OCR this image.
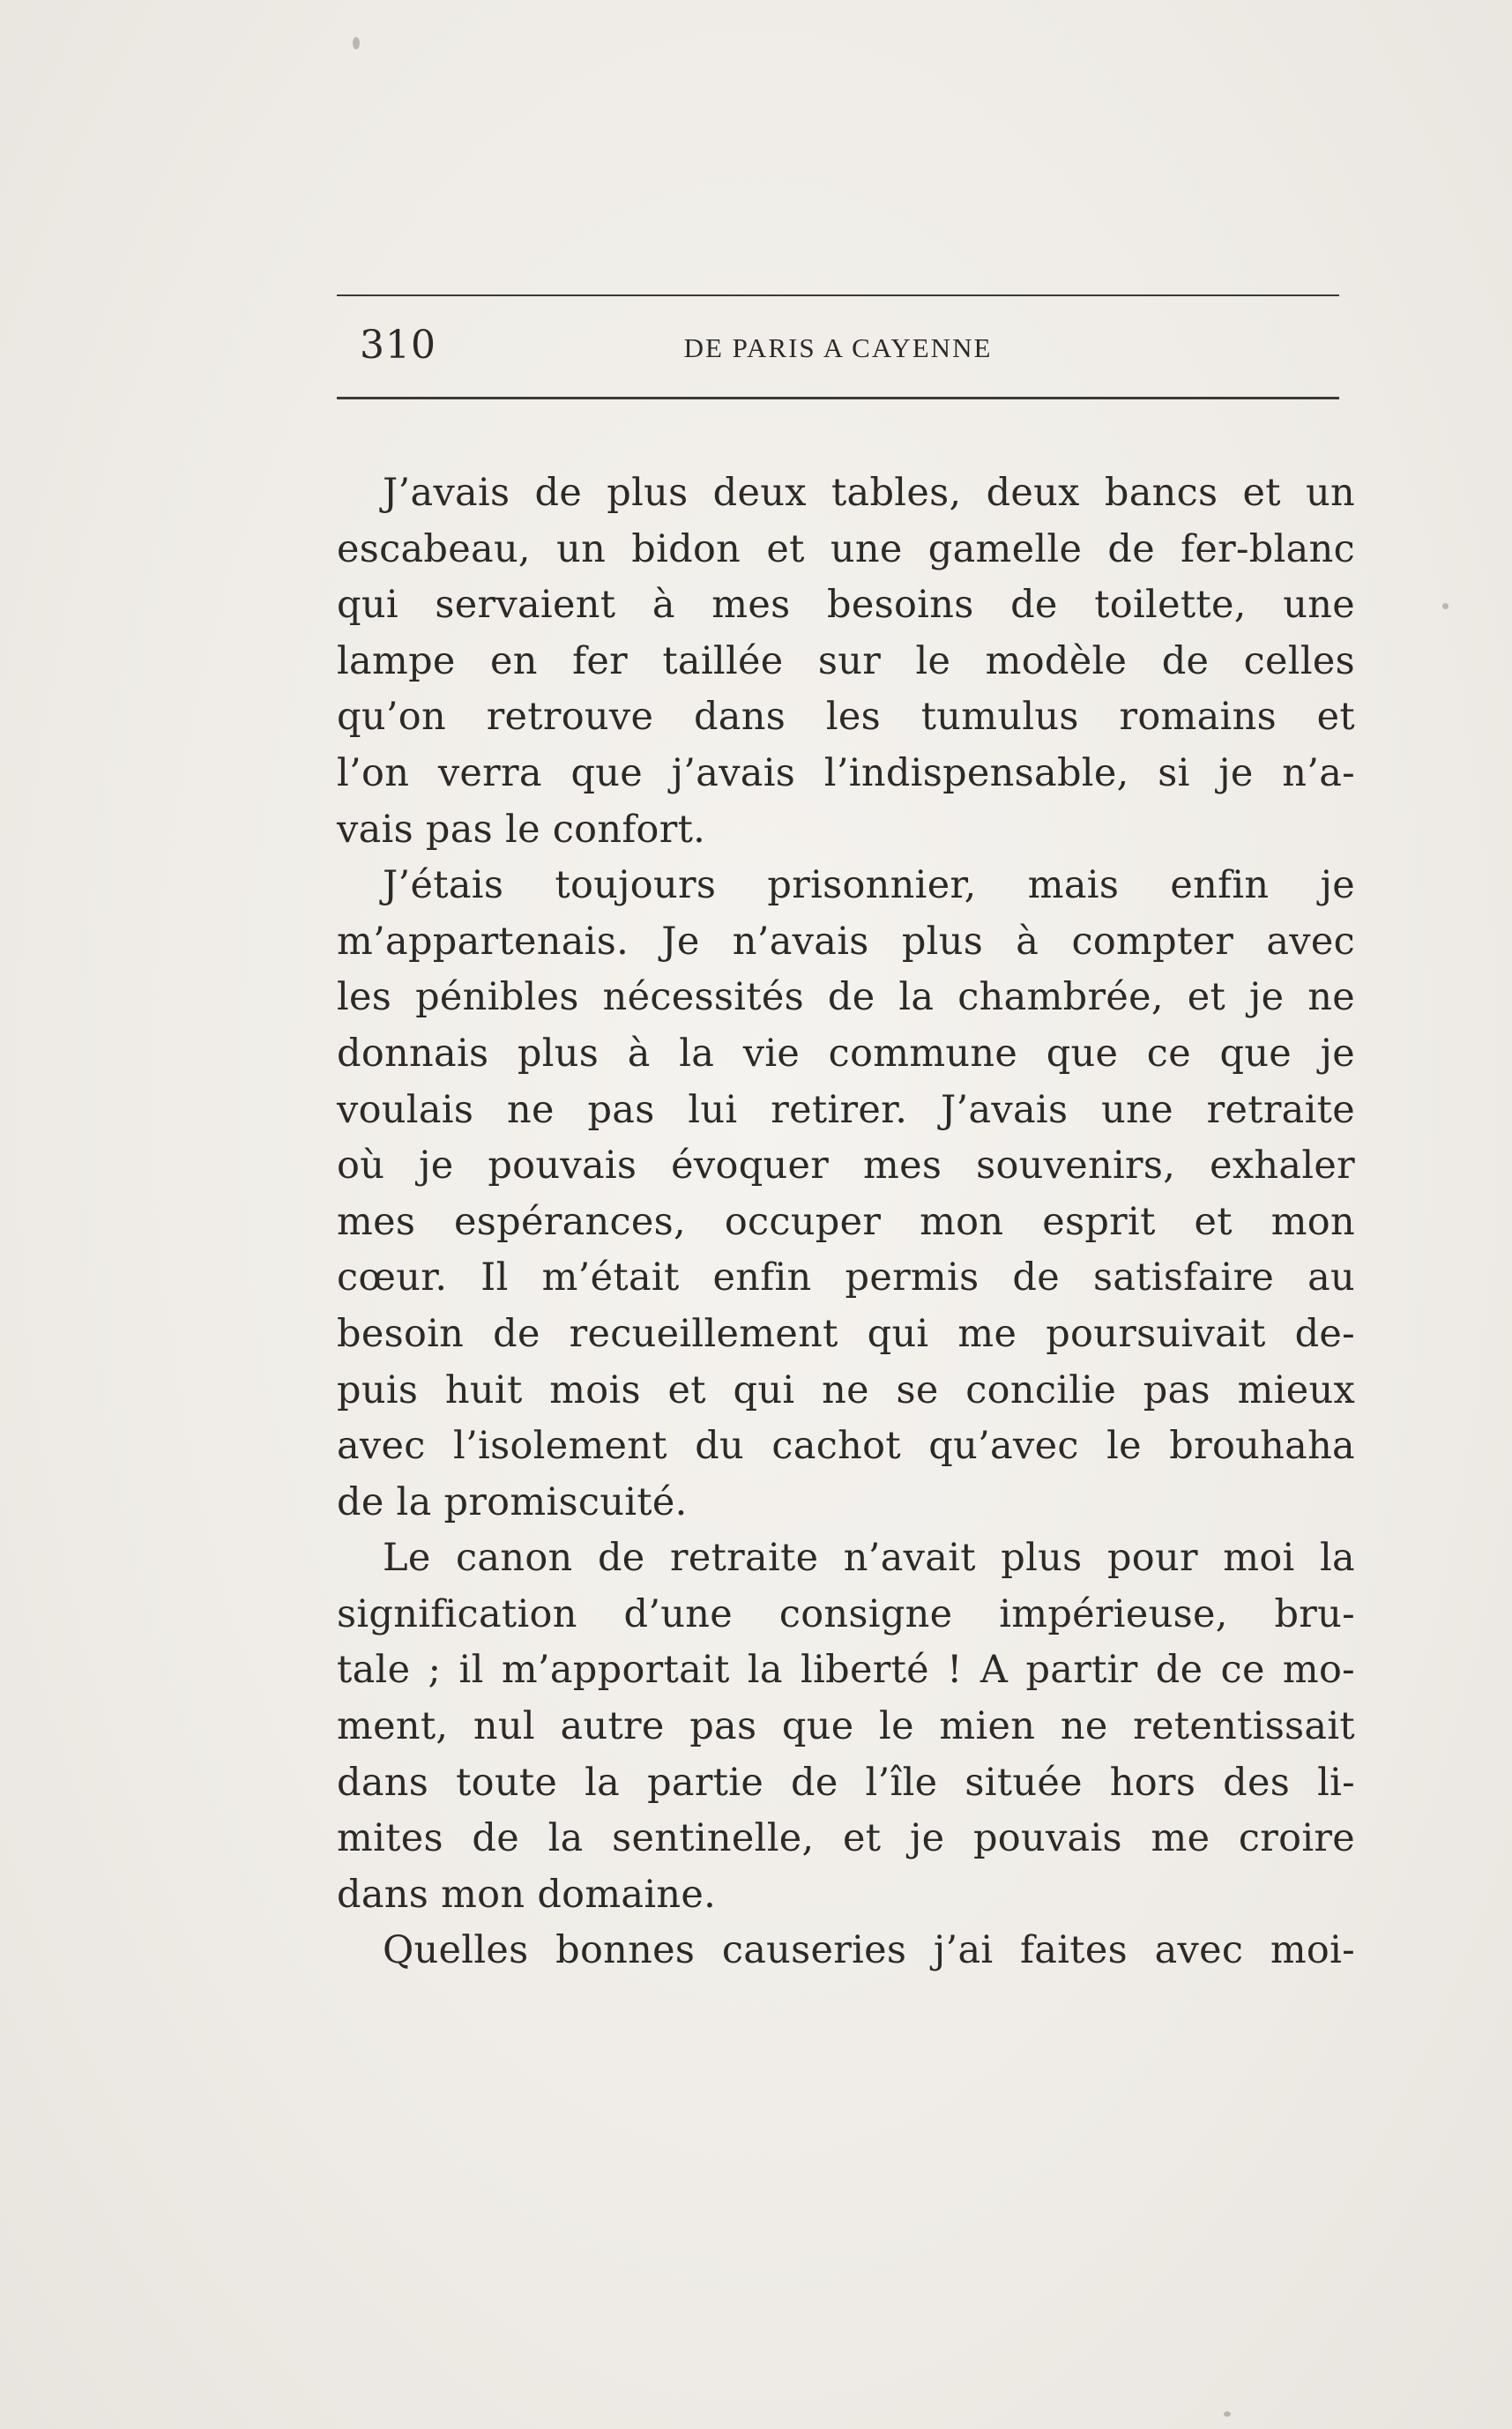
310	DE PARIS A CAYENNE
J’avais de plus deux tables, deux bancs et un
escabeau, un bidon et une gamelle de fer-blanc
qui servaient à mes besoins de toilette, une
lampe en fer taillée sur le modèle de celles
qu’on retrouve dans les tumulus romains et
l’on verra que j’avais l’indispensable, si je n’a-
vais pas le confort.
J’étais toujours prisonnier, mais enfin je
m’appartenais. Je n’avais plus à compter avec
les pénibles nécessités de la chambrée, et je ne
donnais plus à la vie commune que ce que je
voulais ne pas lui retirer. J’avais une retraite
où je pouvais évoquer mes souvenirs, exhaler
mes espérances, occuper mon esprit et mon
cœur. Il m’était enfin permis de satisfaire au
besoin de recueillement qui me poursuivait de-
puis huit mois et qui ne se concilie pas mieux
avec l’isolement du cachot qu’avec le brouhaha
de la promiscuité.
Le canon de retraite n’avait plus pour moi la
signification d’une consigne impérieuse, bru-
tale ; il m’apportait la liberté ! A partir de ce mo-
ment, nul autre pas que le mien ne retentissait
dans toute la partie de l’île située hors des li-
mites de la sentinelle, et je pouvais me croire
dans mon domaine.
Quelles bonnes causeries j’ai faites avec moi-
